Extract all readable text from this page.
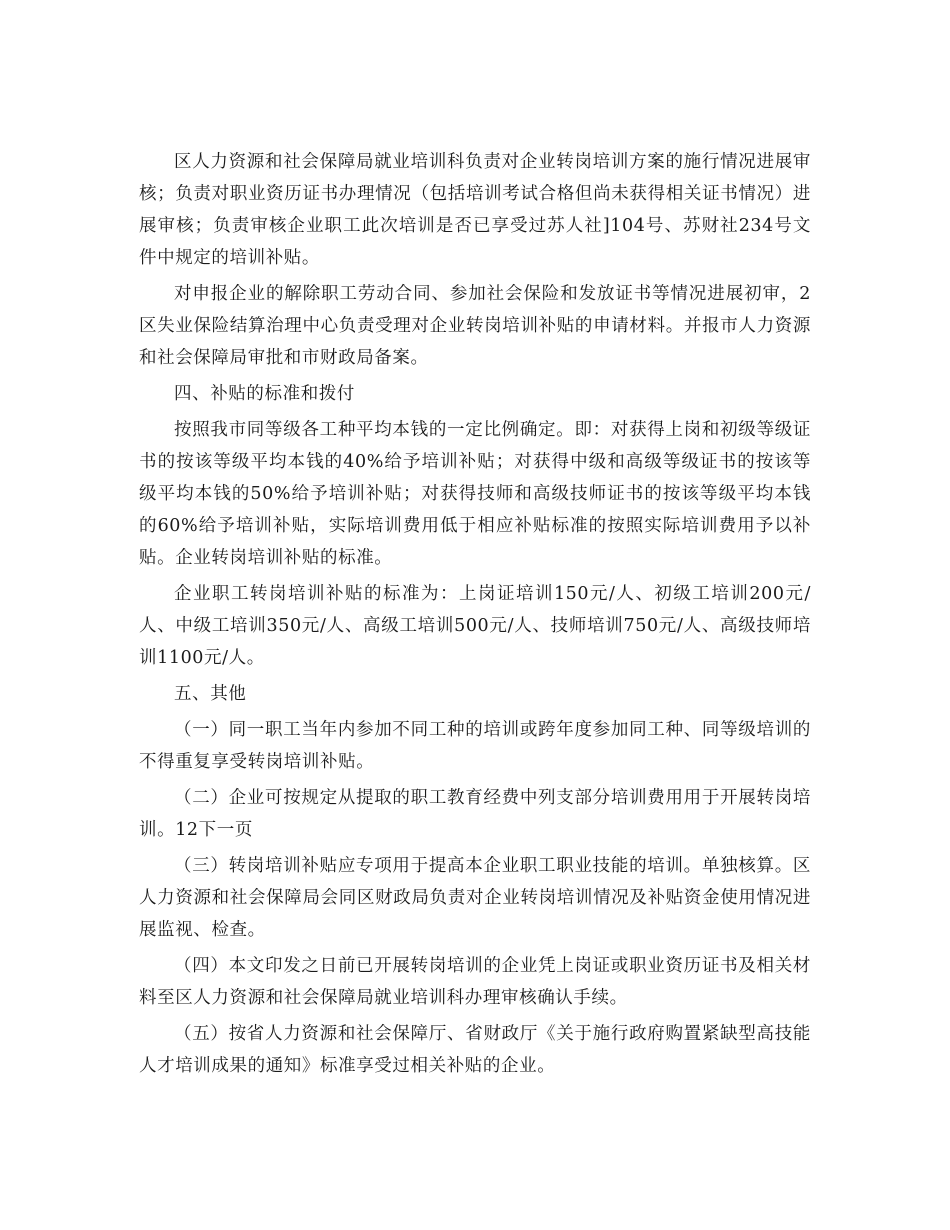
区人力资源和社会保障局就业培训科负责对企业转岗培训方案的施行情况进展审核；负责对职业资历证书办理情况（包括培训考试合格但尚未获得相关证书情况）进展审核；负责审核企业职工此次培训是否已享受过苏人社]104号、苏财社234号文件中规定的培训补贴。

对申报企业的解除职工劳动合同、参加社会保险和发放证书等情况进展初审，2区失业保险结算治理中心负责受理对企业转岗培训补贴的申请材料。并报市人力资源和社会保障局审批和市财政局备案。

四、补贴的标准和拨付

按照我市同等级各工种平均本钱的一定比例确定。即：对获得上岗和初级等级证书的按该等级平均本钱的40%给予培训补贴；对获得中级和高级等级证书的按该等级平均本钱的50%给予培训补贴；对获得技师和高级技师证书的按该等级平均本钱的60%给予培训补贴，实际培训费用低于相应补贴标准的按照实际培训费用予以补贴。企业转岗培训补贴的标准。

企业职工转岗培训补贴的标准为：上岗证培训150元/人、初级工培训200元/人、中级工培训350元/人、高级工培训500元/人、技师培训750元/人、高级技师培训1100元/人。

五、其他

（一）同一职工当年内参加不同工种的培训或跨年度参加同工种、同等级培训的不得重复享受转岗培训补贴。

（二）企业可按规定从提取的职工教育经费中列支部分培训费用用于开展转岗培训。12下一页

（三）转岗培训补贴应专项用于提高本企业职工职业技能的培训。单独核算。区人力资源和社会保障局会同区财政局负责对企业转岗培训情况及补贴资金使用情况进展监视、检查。

（四）本文印发之日前已开展转岗培训的企业凭上岗证或职业资历证书及相关材料至区人力资源和社会保障局就业培训科办理审核确认手续。

（五）按省人力资源和社会保障厅、省财政厅《关于施行政府购置紧缺型高技能人才培训成果的通知》标准享受过相关补贴的企业。
